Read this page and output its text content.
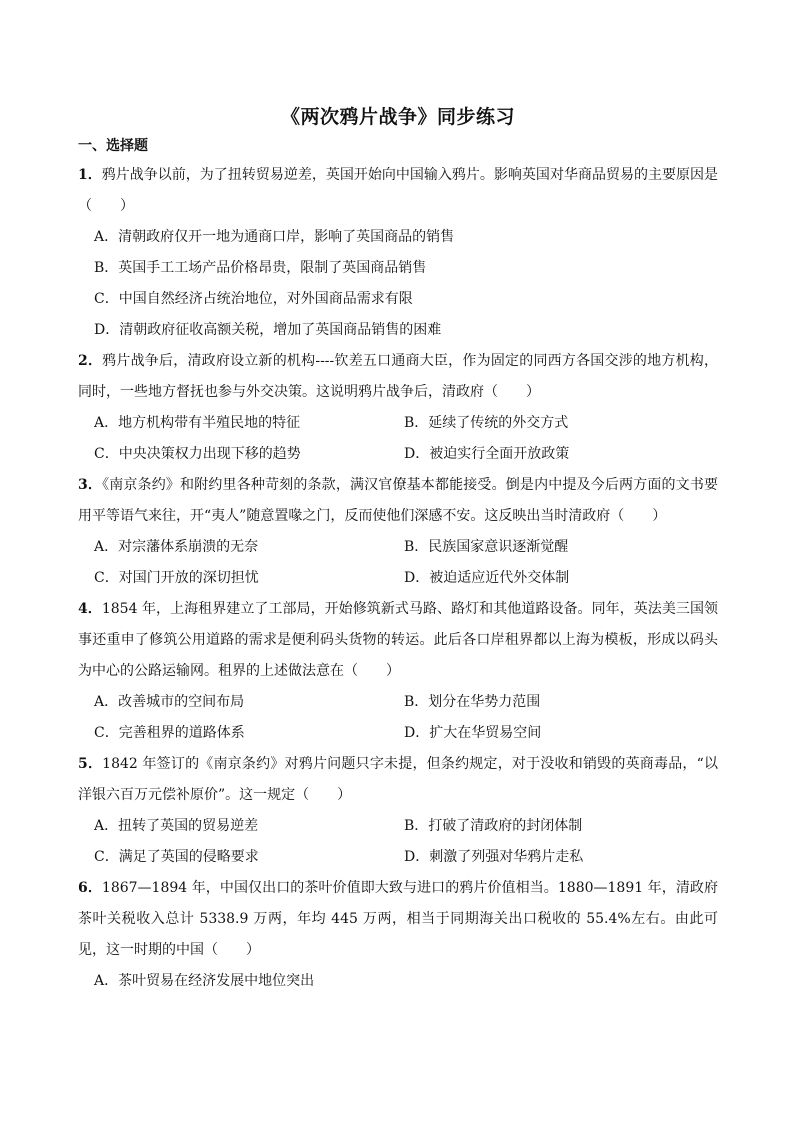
《两次鸦片战争》同步练习
一、选择题

1．鸦片战争以前，为了扭转贸易逆差，英国开始向中国输入鸦片。影响英国对华商品贸易的主要原因是（　　）

A．清朝政府仅开一地为通商口岸，影响了英国商品的销售
B．英国手工工场产品价格昂贵，限制了英国商品销售
C．中国自然经济占统治地位，对外国商品需求有限
D．清朝政府征收高额关税，增加了英国商品销售的困难

2．鸦片战争后，清政府设立新的机构----钦差五口通商大臣，作为固定的同西方各国交涉的地方机构，同时，一些地方督抚也参与外交决策。这说明鸦片战争后，清政府（　　）

A．地方机构带有半殖民地的特征	B．延续了传统的外交方式
C．中央决策权力出现下移的趋势	D．被迫实行全面开放政策

3．《南京条约》和附约里各种苛刻的条款，满汉官僚基本都能接受。倒是内中提及今后两方面的文书要用平等语气来往，开“夷人”随意置喙之门，反而使他们深感不安。这反映出当时清政府（　　）

A．对宗藩体系崩溃的无奈	B．民族国家意识逐渐觉醒
C．对国门开放的深切担忧	D．被迫适应近代外交体制

4．1854 年，上海租界建立了工部局，开始修筑新式马路、路灯和其他道路设备。同年，英法美三国领事还重申了修筑公用道路的需求是便利码头货物的转运。此后各口岸租界都以上海为模板，形成以码头为中心的公路运输网。租界的上述做法意在（　　）

A．改善城市的空间布局	B．划分在华势力范围
C．完善租界的道路体系	D．扩大在华贸易空间

5．1842 年签订的《南京条约》对鸦片问题只字未提，但条约规定，对于没收和销毁的英商毒品，“以洋银六百万元偿补原价”。这一规定（　　）

A．扭转了英国的贸易逆差	B．打破了清政府的封闭体制
C．满足了英国的侵略要求	D．刺激了列强对华鸦片走私

6．1867—1894 年，中国仅出口的茶叶价值即大致与进口的鸦片价值相当。1880—1891 年，清政府茶叶关税收入总计 5338.9 万两，年均 445 万两，相当于同期海关出口税收的 55.4%左右。由此可见，这一时期的中国（　　）

A．茶叶贸易在经济发展中地位突出
